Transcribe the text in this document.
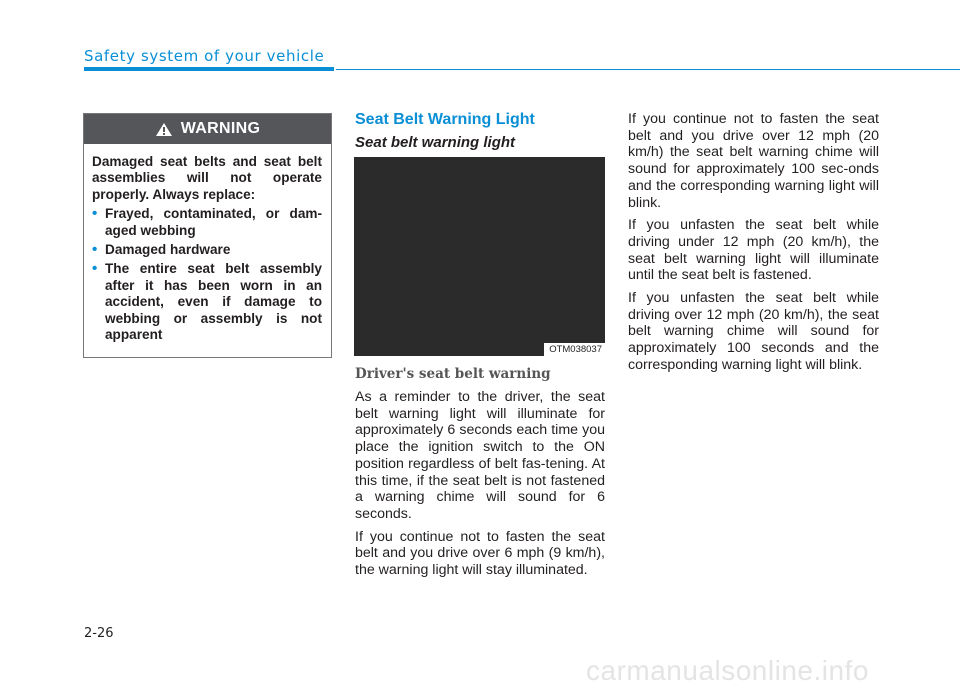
Safety system of your vehicle
WARNING

Damaged seat belts and seat belt assemblies will not operate properly. Always replace:

• Frayed, contaminated, or dam-aged webbing
• Damaged hardware
• The entire seat belt assembly after it has been worn in an accident, even if damage to webbing or assembly is not apparent
Seat Belt Warning Light
Seat belt warning light
OTM038037
Driver's seat belt warning

As a reminder to the driver, the seat belt warning light will illuminate for approximately 6 seconds each time you place the ignition switch to the ON position regardless of belt fas-tening. At this time, if the seat belt is not fastened a warning chime will sound for 6 seconds.

If you continue not to fasten the seat belt and you drive over 6 mph (9 km/h), the warning light will stay illuminated.

If you continue not to fasten the seat belt and you drive over 12 mph (20 km/h) the seat belt warning chime will sound for approximately 100 sec-onds and the corresponding warning light will blink.

If you unfasten the seat belt while driving under 12 mph (20 km/h), the seat belt warning light will illuminate until the seat belt is fastened.

If you unfasten the seat belt while driving over 12 mph (20 km/h), the seat belt warning chime will sound for approximately 100 seconds and the corresponding warning light will blink.

2-26
carmanualsonline.info
